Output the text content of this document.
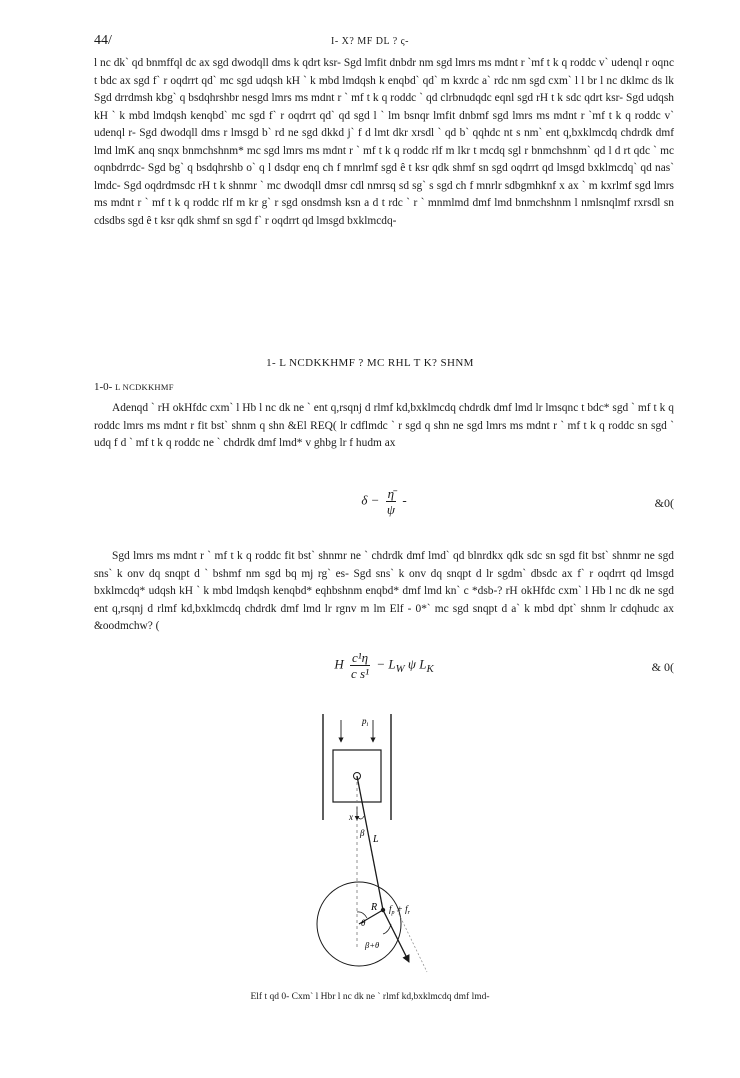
44/	I- X? MF DL ? ς-

l nc dk` qd bnmffql dc ax sgd dwodqll dms k qdrt ksr- Sgd lmfit dnbdr nm sgd lmrs ms mdnt r `mf t k q roddc v` udenql r oqnc t bdc ax sgd f` r oqdrrt qd` mc sgd udqsh kH ` k mbd lmdqsh k enqbd` qd` m kxrdc a` rdc nm sgd cxm` l l br l nc dklmc ds lk Sgd drrdmsh kbg` q bsdqhrshbr nesgd lmrs ms mdnt r ` mf t k q roddc ` qd clrbnudqdc eqnl sgd rH t k sdc qdrt ksr- Sgd udqsh kH ` k mbd lmdqsh kenqbd` mc sgd f` r oqdrrt qd` qd sgd l ` lm bsnqr lmfit dnbmf sgd lmrs ms mdnt r `mf t k q roddc v` udenql r- Sgd dwodqll dms r lmsgd b` rd ne sgd dkkd j` f d lmt dkr xrsdl ` qd b` qqhdc nt s nm` ent q,bxklmcdq chdrdk dmf lmd lmK anq snqx bnmchshnm* mc sgd lmrs ms mdnt r ` mf t k q roddc rlf m lkr t mcdq sgl r bnmchshnm` qd l d rt qdc ` mc oqnbdrrdc- Sgd bg` q bsdqhrshb o` q l dsdqr enq ch f mnrlmf sgd ê t ksr qdk shmf sn sgd oqdrrt qd lmsgd bxklmcdq` qd nas` lmdc- Sgd oqdrdmsdc rH t k shnmr ` mc dwodqll dmsr cdl nmrsq sd sg` s sgd ch f mnrlr sdbgmhknf x ax ` m kxrlmf sgd lmrs ms mdnt r ` mf t k q roddc rlf m kr g` r sgd onsdmsh ksn a d t rdc ` r ` mnmlmd dmf lmd bnmchshnm l nmlsnqlmf rxrsdl sn cdsdbs sgd ê t ksr qdk shmf sn sgd f` r oqdrrt qd lmsgd bxklmcdq-

1- L NCDKKHMF ? MC RHL T K? SHNM
1-0- L NCDKKHMF

Adenqd ` rH okHfdc cxm` l Hb l nc dk ne ` ent q,rsqnj d rlmf kd,bxklmcdq chdrdk dmf lmd lr lmsqnc t bdc* sgd ` mf t k q roddc lmrs ms mdnt r fit bst` shnm q shn &El REQ( lr cdflmdc ` r sgd q shn ne sgd lmrs ms mdnt r ` mf t k q roddc sn sgd ` udq f d ` mf t k q roddc ne ` chdrdk dmf lmd* v ghbg lr f hudm ax

$\delta - \frac{\etā}{\psi}$ -	&0(

Sgd lmrs ms mdnt r ` mf t k q roddc fit bst` shnmr ne ` chdrdk dmf lmd` qd blnrdkx qdk sdc sn sgd fit bst` shnmr ne sgd sns` k onv dq snqpt d ` bshmf nm sgd bq mj rg` es- Sgd sns` k onv dq snqpt d lr sgdm` dbsdc ax f` r oqdrrt qd lmsgd bxklmcdq* udqsh kH ` k mbd lmdqsh kenqbd* eqhbshnm enqbd* dmf lmd kn` c *dsb-? rH okHfdc cxm` l Hb l nc dk ne sgd ent q,rsqnj d rlmf kd,bxklmcdq chdrdk dmf lmd lr rgnv m lm Elf - 0*` mc sgd snqpt d a` k mbd dpt` shnm lr cdqhudc ax &oodmchw? (

H $\frac{\text{c¹η}}{\text{c s¹}} - L_W$ ψ $L_K$	& 0(
$p_i$
x
β
L
R
θ
β+θ
$f_p + f_r$
Elf t qd 0- Cxm` l Hbr l nc dk ne ` rlmf kd,bxklmcdq dmf lmd-
